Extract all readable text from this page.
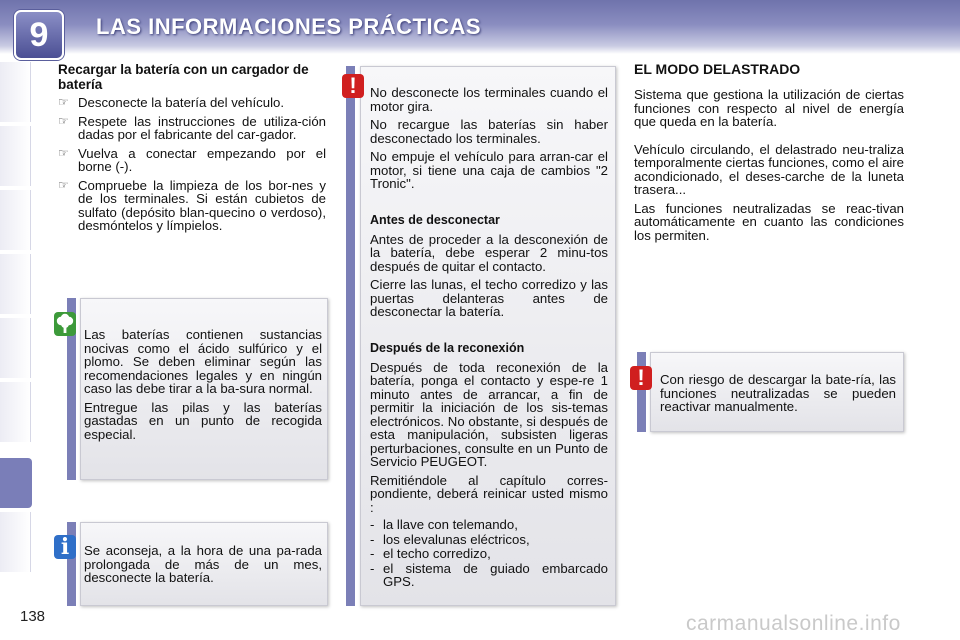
9	LAS INFORMACIONES PRÁCTICAS
Recargar la batería con un cargador de batería
☞ Desconecte la batería del vehículo.
☞ Respete las instrucciones de utiliza-ción dadas por el fabricante del car-gador.
☞ Vuelva a conectar empezando por el borne (-).
☞ Compruebe la limpieza de los bor-nes y de los terminales. Si están cubietos de sulfato (depósito blan-quecino o verdoso), desmóntelos y límpielos.

Las baterías contienen sustancias nocivas como el ácido sulfúrico y el plomo. Se deben eliminar según las recomendaciones legales y en ningún caso las debe tirar a la ba-sura normal.

Entregue las pilas y las baterías gastadas en un punto de recogida especial.

i	Se aconseja, a la hora de una pa-rada prolongada de más de un mes, desconecte la batería.
!	No desconecte los terminales cuando el motor gira.

No recargue las baterías sin haber desconectado los terminales.

No empuje el vehículo para arran-car el motor, si tiene una caja de cambios "2 Tronic".

Antes de desconectar

Antes de proceder a la desconexión de la batería, debe esperar 2 minu-tos después de quitar el contacto.

Cierre las lunas, el techo corredizo y las puertas delanteras antes de desconectar la batería.

Después de la reconexión

Después de toda reconexión de la batería, ponga el contacto y espe-re 1 minuto antes de arrancar, a fin de permitir la iniciación de los sis-temas electrónicos. No obstante, si después de esta manipulación, subsisten ligeras perturbaciones, consulte en un Punto de Servicio PEUGEOT.

Remitiéndole al capítulo corres-pondiente, deberá reinicar usted mismo :

- la llave con telemando,

- los elevalunas eléctricos,

- el techo corredizo,

- el sistema de guiado embarcado GPS.

EL MODO DELASTRADO

Sistema que gestiona la utilización de ciertas funciones con respecto al nivel de energía que queda en la batería.

Vehículo circulando, el delastrado neu-traliza temporalmente ciertas funciones, como el aire acondicionado, el deses-carche de la luneta trasera...

Las funciones neutralizadas se reac-tivan automáticamente en cuanto las condiciones los permiten.

!	Con riesgo de descargar la bate-ría, las funciones neutralizadas se pueden reactivar manualmente.
138	carmanualsonline.info
